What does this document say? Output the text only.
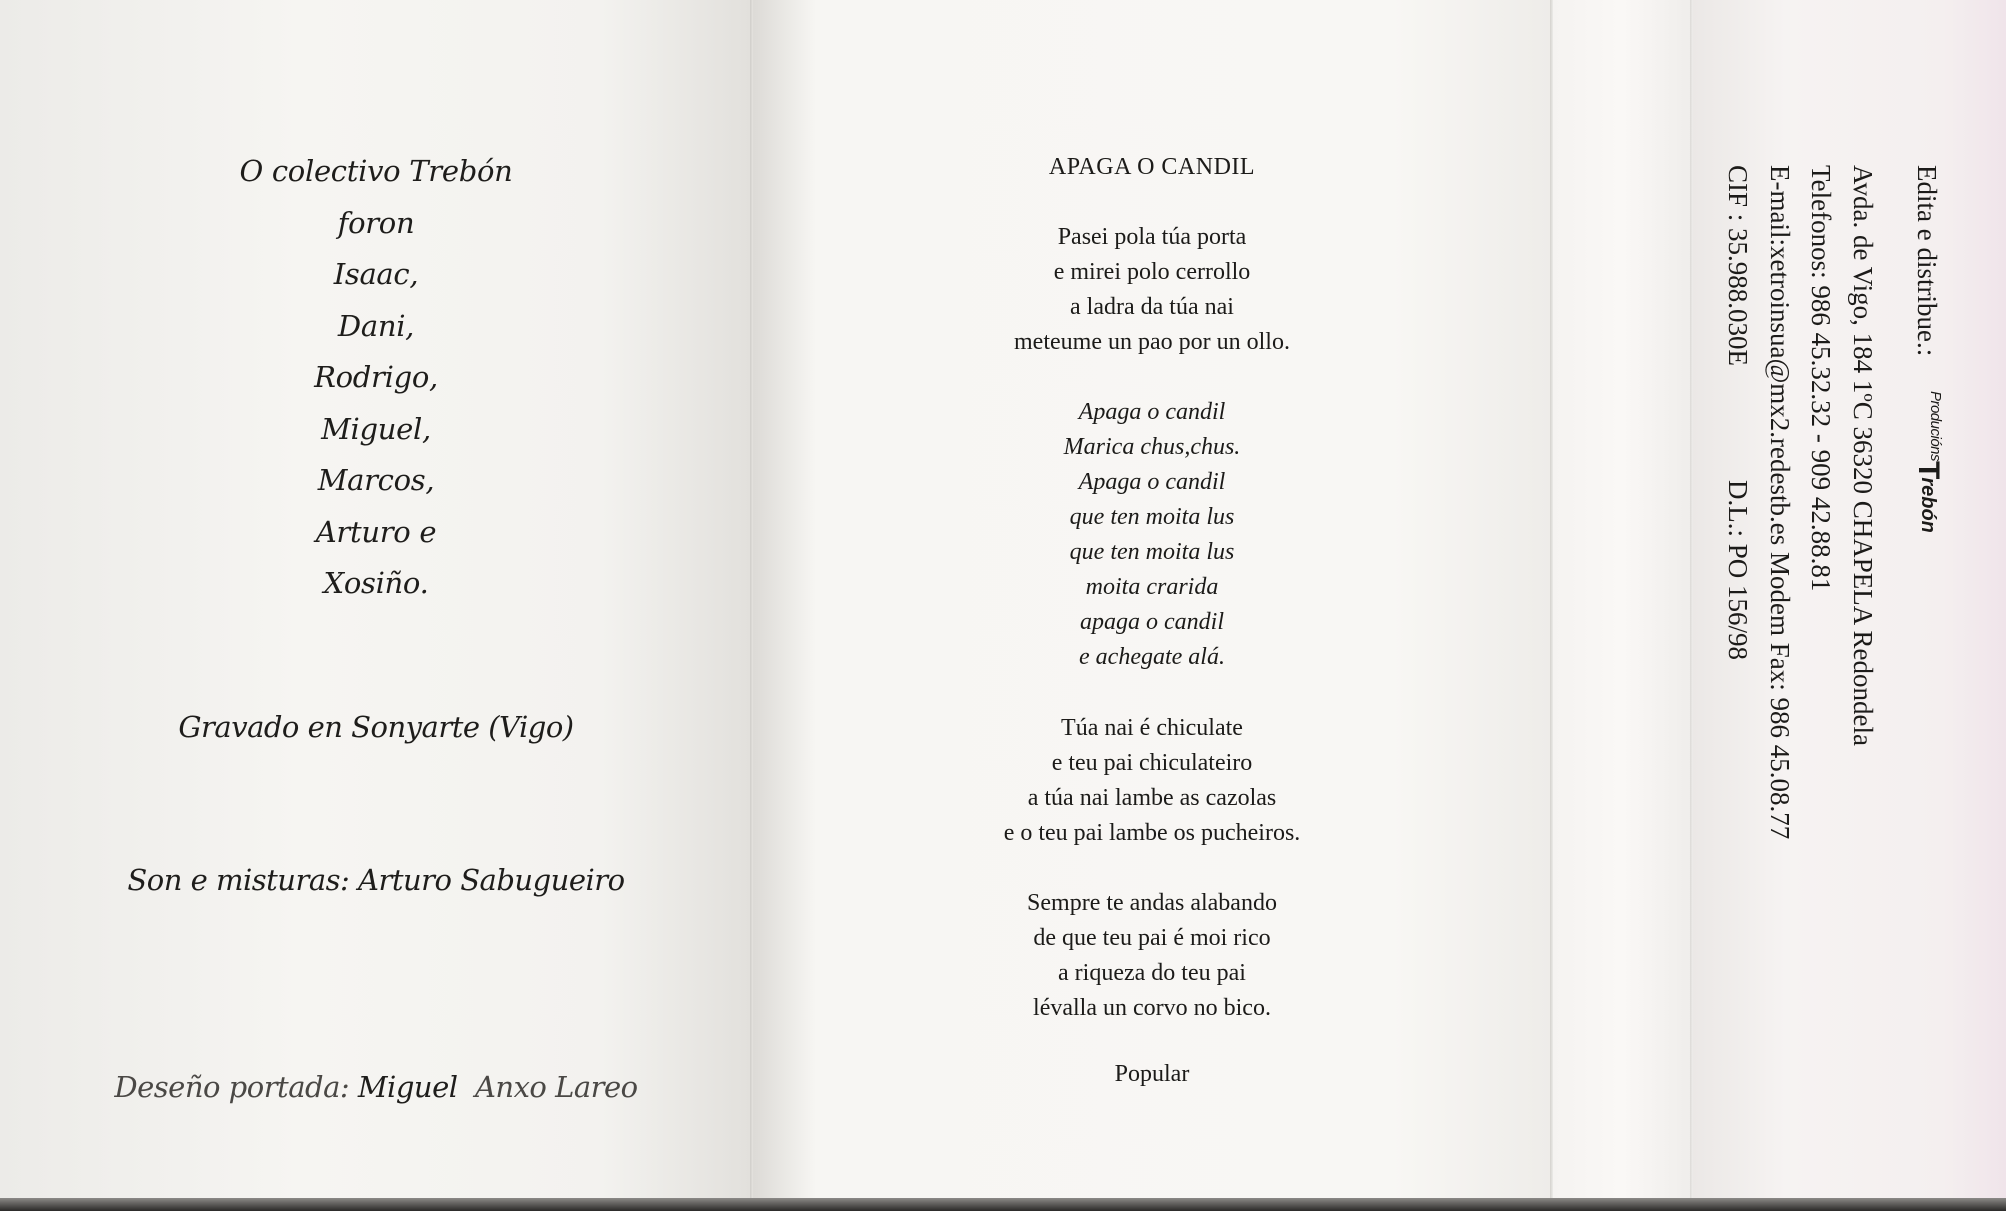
O colectivo Trebón
foron
Isaac,
Dani,
Rodrigo,
Miguel,
Marcos,
Arturo e
Xosiño.
Gravado en Sonyarte (Vigo)
Son e misturas: Arturo Sabugueiro
Deseño portada: Miguel Anxo Lareo
APAGA O CANDIL
Pasei pola túa porta
e mirei polo cerrollo
a ladra da túa nai
meteume un pao por un ollo.
Apaga o candil
Marica chus,chus.
Apaga o candil
que ten moita lus
que ten moita lus
moita crarida
apaga o candil
e achegate alá.
Túa nai é chiculate
e teu pai chiculateiro
a túa nai lambe as cazolas
e o teu pai lambe os pucheiros.
Sempre te andas alabando
de que teu pai é moi rico
a riqueza do teu pai
lévalla un corvo no bico.
Popular
Edita e distribue.: $^{Producións}$Trebón
Avda. de Vigo, 184 1ºC 36320 CHAPELA Redondela
Telefonos: 986 45.32.32 - 909 42.88.81
E-mail:xetroinsua@mx2.redestb.es Modem Fax: 986 45.08.77
CIF : 35.988.030ED.L.: PO 156/98
